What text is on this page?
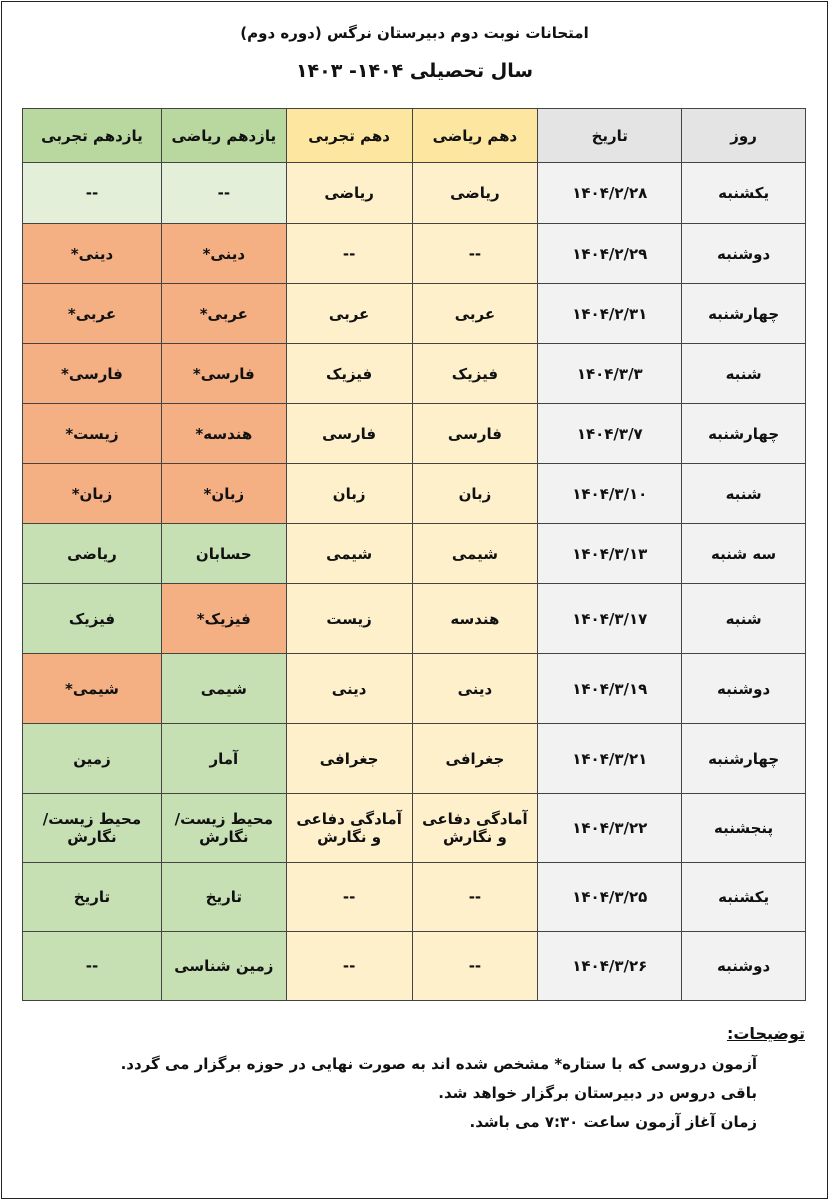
امتحانات نوبت دوم دبیرستان نرگس (دوره دوم)
سال تحصیلی ۱۴۰۴- ۱۴۰۳
روز	تاریخ	دهم ریاضی	دهم تجربی	یازدهم ریاضی	یازدهم تجربی
یکشنبه	۱۴۰۴/۲/۲۸	ریاضی	ریاضی	--	--
دوشنبه	۱۴۰۴/۲/۲۹	--	--	دینی*	دینی*
چهارشنبه	۱۴۰۴/۲/۳۱	عربی	عربی	عربی*	عربی*
شنبه	۱۴۰۴/۳/۳	فیزیک	فیزیک	فارسی*	فارسی*
چهارشنبه	۱۴۰۴/۳/۷	فارسی	فارسی	هندسه*	زیست*
شنبه	۱۴۰۴/۳/۱۰	زبان	زبان	زبان*	زبان*
سه شنبه	۱۴۰۴/۳/۱۳	شیمی	شیمی	حسابان	ریاضی
شنبه	۱۴۰۴/۳/۱۷	هندسه	زیست	فیزیک*	فیزیک
دوشنبه	۱۴۰۴/۳/۱۹	دینی	دینی	شیمی	شیمی*
چهارشنبه	۱۴۰۴/۳/۲۱	جغرافی	جغرافی	آمار	زمین
پنجشنبه	۱۴۰۴/۳/۲۲	آمادگی دفاعی و نگارش	آمادگی دفاعی و نگارش	محیط زیست/ نگارش	محیط زیست/ نگارش
یکشنبه	۱۴۰۴/۳/۲۵	--	--	تاریخ	تاریخ
دوشنبه	۱۴۰۴/۳/۲۶	--	--	زمین شناسی	--
توضیحات:
آزمون دروسی که با ستاره* مشخص شده اند به صورت نهایی در حوزه برگزار می گردد.
باقی دروس در دبیرستان برگزار خواهد شد.
زمان آغاز آزمون ساعت ۷:۳۰ می باشد.
